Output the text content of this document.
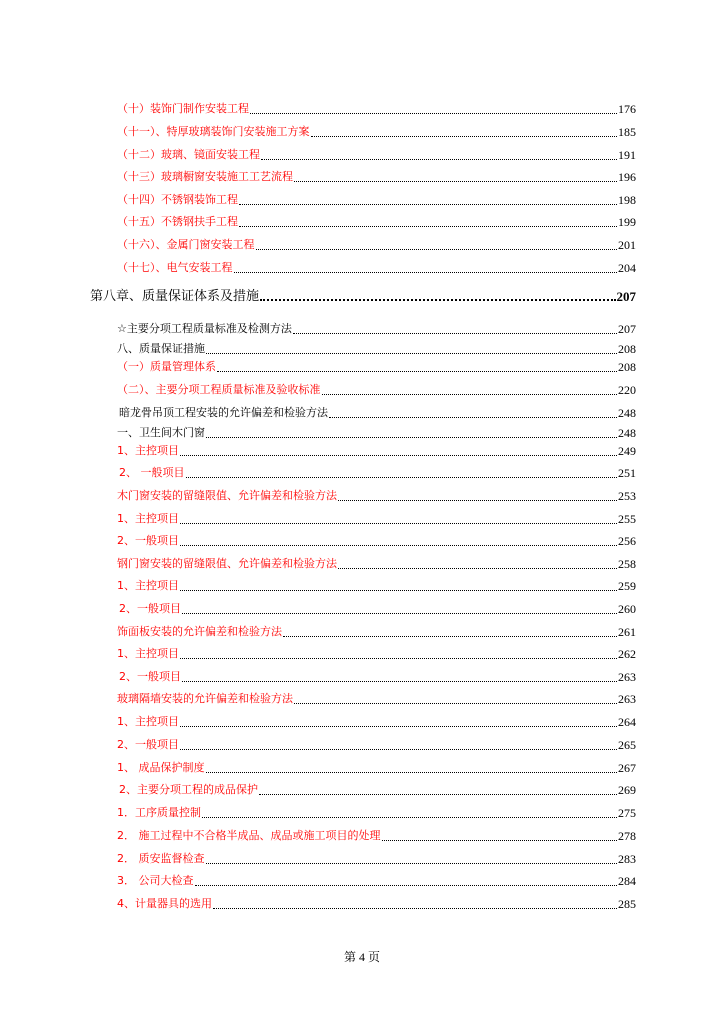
（十）装饰门制作安装工程	176
（十一）、特厚玻璃装饰门安装施工方案	185
（十二）玻璃、镜面安装工程	191
（十三）玻璃橱窗安装施工工艺流程	196
（十四）不锈钢装饰工程	198
（十五）不锈钢扶手工程	199
（十六）、金属门窗安装工程	201
（十七）、电气安装工程	204
第八章、质量保证体系及措施	207
☆主要分项工程质量标准及检测方法	207
八、质量保证措施	208
（一）质量管理体系	208
（二）、主要分项工程质量标准及验收标准	220
暗龙骨吊顶工程安装的允许偏差和检验方法	248
一、卫生间木门窗	248
1、主控项目	249
2、 一般项目	251
木门窗安装的留缝限值、允许偏差和检验方法	253
1、主控项目	255
2、一般项目	256
钢门窗安装的留缝限值、允许偏差和检验方法	258
1、主控项目	259
2、一般项目	260
饰面板安装的允许偏差和检验方法	261
1、主控项目	262
2、一般项目	263
玻璃隔墙安装的允许偏差和检验方法	263
1、主控项目	264
2、一般项目	265
1、 成品保护制度	267
2、主要分项工程的成品保护	269
1．工序质量控制	275
2． 施工过程中不合格半成品、成品或施工项目的处理	278
2． 质安监督检查	283
3． 公司大检查	284
4、计量器具的选用	285
第 4 页
